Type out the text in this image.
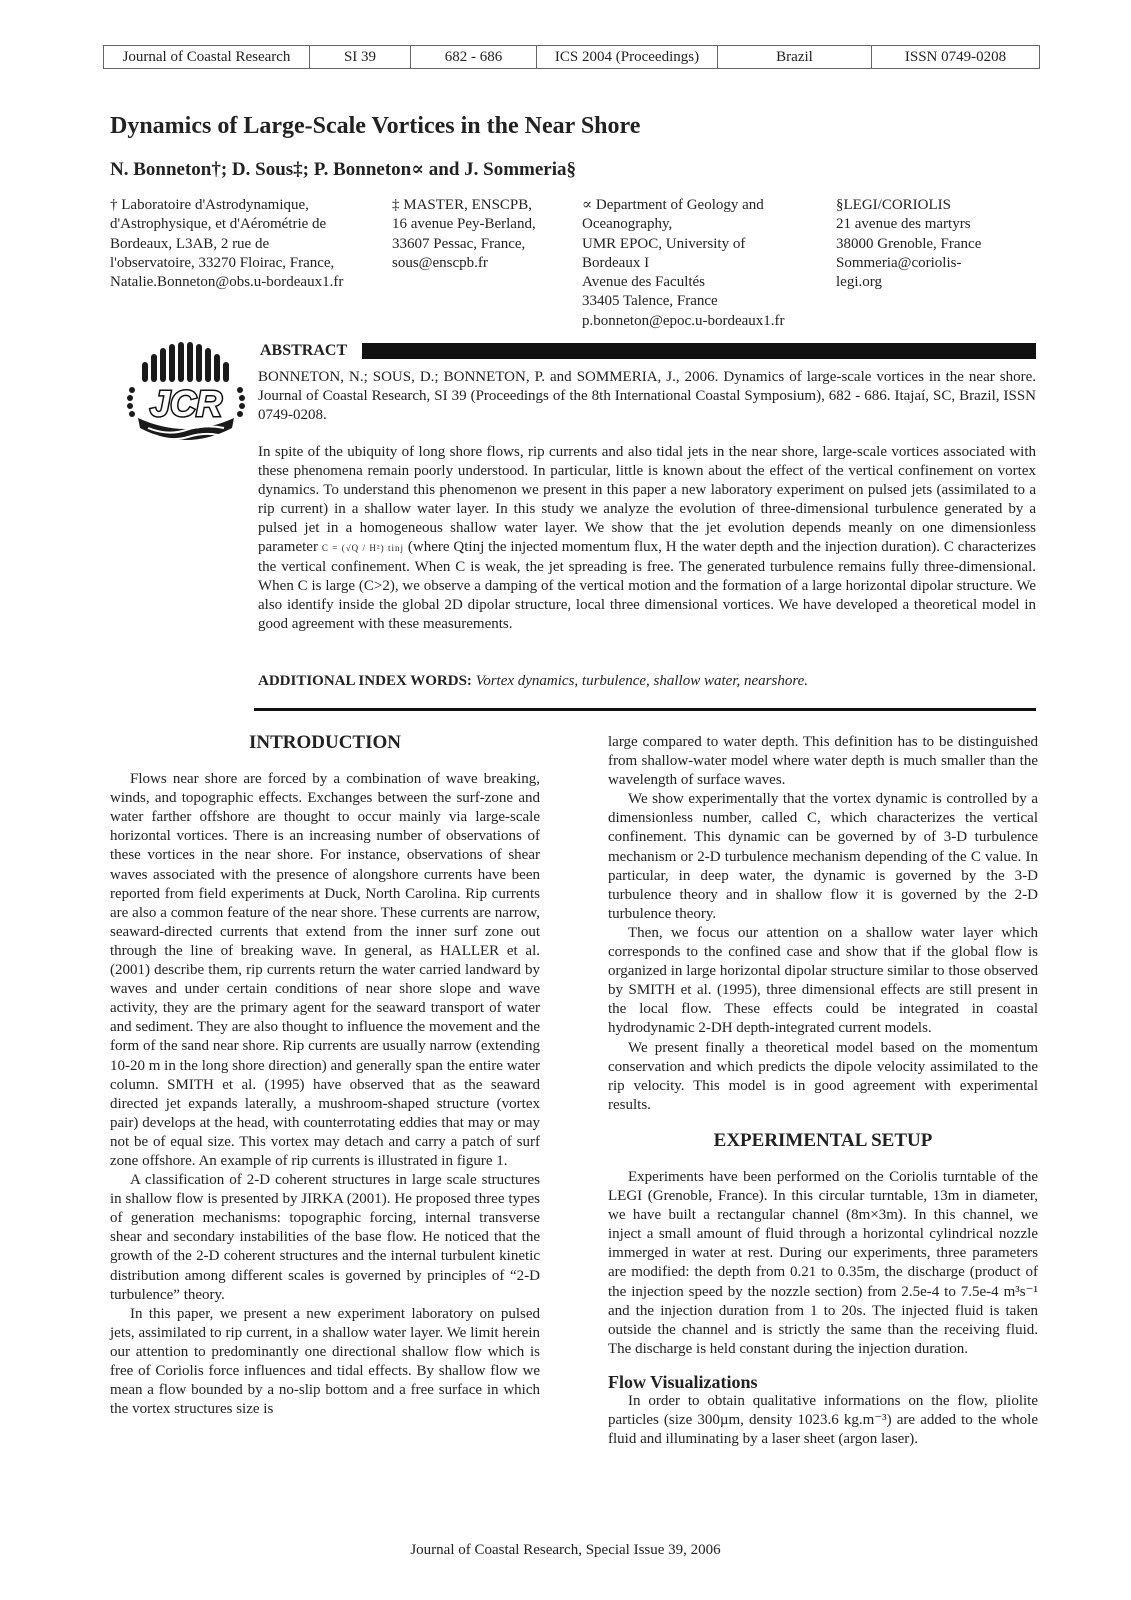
Journal of Coastal Research	SI 39	682 - 686	ICS 2004 (Proceedings)	Brazil	ISSN 0749-0208
Dynamics of Large-Scale Vortices in the Near Shore
N. Bonneton†; D. Sous‡; P. Bonneton∝ and J. Sommeria§
† Laboratoire d'Astrodynamique,
d'Astrophysique, et d'Aérométrie de
Bordeaux, L3AB, 2 rue de
l'observatoire, 33270 Floirac, France,
Natalie.Bonneton@obs.u-bordeaux1.fr
‡ MASTER, ENSCPB,
16 avenue Pey-Berland,
33607 Pessac, France,
sous@enscpb.fr
∝ Department of Geology and
Oceanography,
UMR EPOC, University of
Bordeaux I
Avenue des Facultés
33405 Talence, France
p.bonneton@epoc.u-bordeaux1.fr
§LEGI/CORIOLIS
21 avenue des martyrs
38000 Grenoble, France
Sommeria@coriolis-
legi.org
JCR
ABSTRACT
BONNETON, N.; SOUS, D.; BONNETON, P. and SOMMERIA, J., 2006. Dynamics of large-scale vortices in the near shore. Journal of Coastal Research, SI 39 (Proceedings of the 8th International Coastal Symposium), 682 - 686. Itajaí, SC, Brazil, ISSN 0749-0208.
In spite of the ubiquity of long shore flows, rip currents and also tidal jets in the near shore, large-scale vortices associated with these phenomena remain poorly understood. In particular, little is known about the effect of the vertical confinement on vortex dynamics. To understand this phenomenon we present in this paper a new laboratory experiment on pulsed jets (assimilated to a rip current) in a shallow water layer. In this study we analyze the evolution of three-dimensional turbulence generated by a pulsed jet in a homogeneous shallow water layer. We show that the jet evolution depends meanly on one dimensionless parameter C = (√Q / H²) tinj (where Qtinj the injected momentum flux, H the water depth and the injection duration). C characterizes the vertical confinement. When C is weak, the jet spreading is free. The generated turbulence remains fully three-dimensional. When C is large (C>2), we observe a damping of the vertical motion and the formation of a large horizontal dipolar structure. We also identify inside the global 2D dipolar structure, local three dimensional vortices. We have developed a theoretical model in good agreement with these measurements.
ADDITIONAL INDEX WORDS: Vortex dynamics, turbulence, shallow water, nearshore.
INTRODUCTION

Flows near shore are forced by a combination of wave breaking, winds, and topographic effects. Exchanges between the surf-zone and water farther offshore are thought to occur mainly via large-scale horizontal vortices. There is an increasing number of observations of these vortices in the near shore. For instance, observations of shear waves associated with the presence of alongshore currents have been reported from field experiments at Duck, North Carolina. Rip currents are also a common feature of the near shore. These currents are narrow, seaward-directed currents that extend from the inner surf zone out through the line of breaking wave. In general, as HALLER et al. (2001) describe them, rip currents return the water carried landward by waves and under certain conditions of near shore slope and wave activity, they are the primary agent for the seaward transport of water and sediment. They are also thought to influence the movement and the form of the sand near shore. Rip currents are usually narrow (extending 10-20 m in the long shore direction) and generally span the entire water column. SMITH et al. (1995) have observed that as the seaward directed jet expands laterally, a mushroom-shaped structure (vortex pair) develops at the head, with counterrotating eddies that may or may not be of equal size. This vortex may detach and carry a patch of surf zone offshore. An example of rip currents is illustrated in figure 1.

A classification of 2-D coherent structures in large scale structures in shallow flow is presented by JIRKA (2001). He proposed three types of generation mechanisms: topographic forcing, internal transverse shear and secondary instabilities of the base flow. He noticed that the growth of the 2-D coherent structures and the internal turbulent kinetic distribution among different scales is governed by principles of “2-D turbulence” theory.

In this paper, we present a new experiment laboratory on pulsed jets, assimilated to rip current, in a shallow water layer. We limit herein our attention to predominantly one directional shallow flow which is free of Coriolis force influences and tidal effects. By shallow flow we mean a flow bounded by a no-slip bottom and a free surface in which the vortex structures size is

large compared to water depth. This definition has to be distinguished from shallow-water model where water depth is much smaller than the wavelength of surface waves.

We show experimentally that the vortex dynamic is controlled by a dimensionless number, called C, which characterizes the vertical confinement. This dynamic can be governed by of 3-D turbulence mechanism or 2-D turbulence mechanism depending of the C value. In particular, in deep water, the dynamic is governed by the 3-D turbulence theory and in shallow flow it is governed by the 2-D turbulence theory.

Then, we focus our attention on a shallow water layer which corresponds to the confined case and show that if the global flow is organized in large horizontal dipolar structure similar to those observed by SMITH et al. (1995), three dimensional effects are still present in the local flow. These effects could be integrated in coastal hydrodynamic 2-DH depth-integrated current models.

We present finally a theoretical model based on the momentum conservation and which predicts the dipole velocity assimilated to the rip velocity. This model is in good agreement with experimental results.

EXPERIMENTAL SETUP

Experiments have been performed on the Coriolis turntable of the LEGI (Grenoble, France). In this circular turntable, 13m in diameter, we have built a rectangular channel (8m×3m). In this channel, we inject a small amount of fluid through a horizontal cylindrical nozzle immerged in water at rest. During our experiments, three parameters are modified: the depth from 0.21 to 0.35m, the discharge (product of the injection speed by the nozzle section) from 2.5e-4 to 7.5e-4 m³s⁻¹ and the injection duration from 1 to 20s. The injected fluid is taken outside the channel and is strictly the same than the receiving fluid. The discharge is held constant during the injection duration.

Flow Visualizations

In order to obtain qualitative informations on the flow, pliolite particles (size 300µm, density 1023.6 kg.m⁻³) are added to the whole fluid and illuminating by a laser sheet (argon laser).

Journal of Coastal Research, Special Issue 39, 2006
